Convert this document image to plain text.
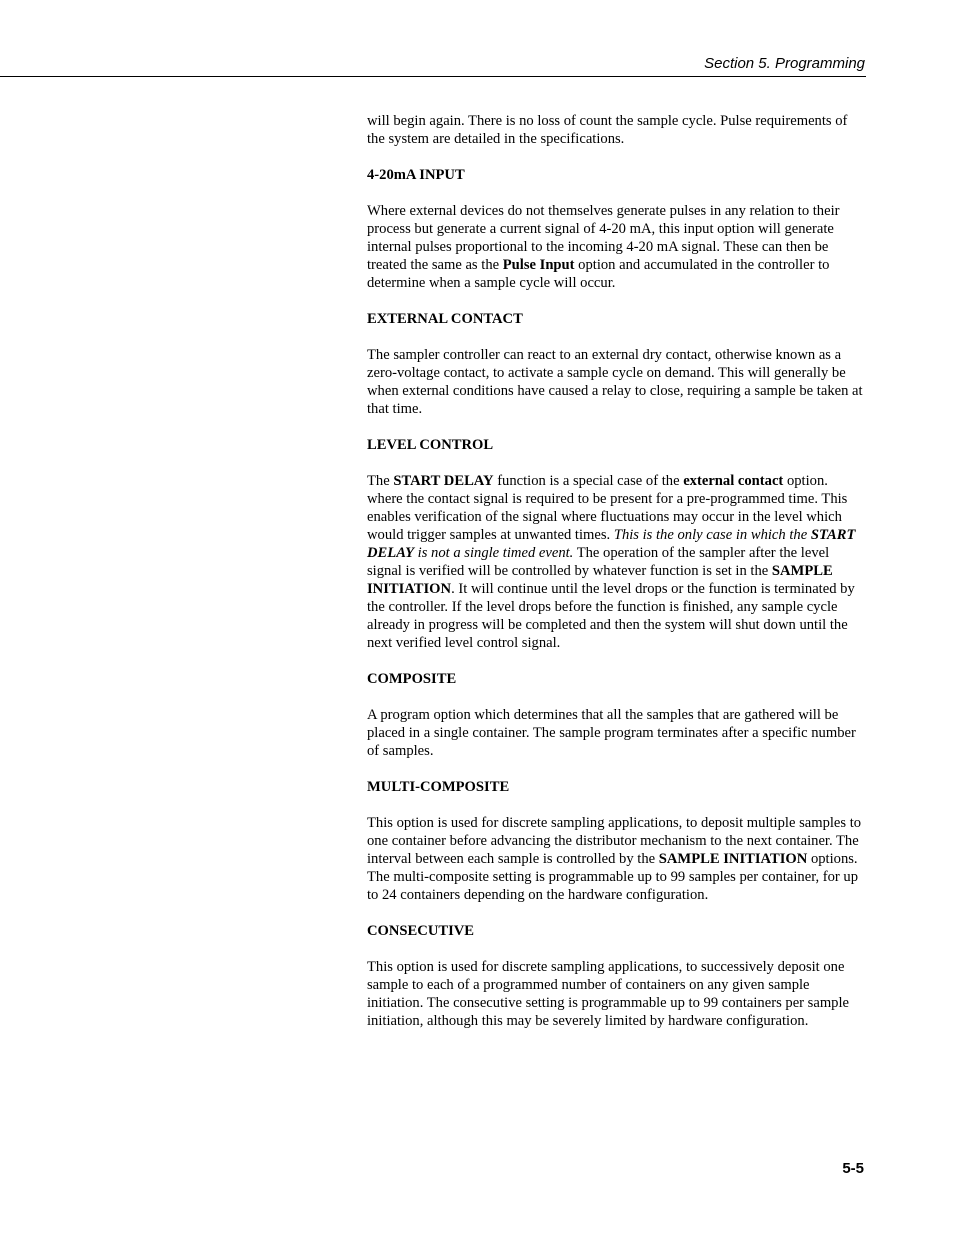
Section 5. Programming

will begin again. There is no loss of count the sample cycle. Pulse requirements of the system are detailed in the specifications.

4-20mA INPUT

Where external devices do not themselves generate pulses in any relation to their process but generate a current signal of 4-20 mA, this input option will generate internal pulses proportional to the incoming 4-20 mA signal. These can then be treated the same as the Pulse Input option and accumulated in the controller to determine when a sample cycle will occur.

EXTERNAL CONTACT

The sampler controller can react to an external dry contact, otherwise known as a zero-voltage contact, to activate a sample cycle on demand. This will generally be when external conditions have caused a relay to close, requiring a sample be taken at that time.

LEVEL CONTROL

The START DELAY function is a special case of the external contact option. where the contact signal is required to be present for a pre-programmed time. This enables verification of the signal where fluctuations may occur in the level which would trigger samples at unwanted times. This is the only case in which the START DELAY is not a single timed event. The operation of the sampler after the level signal is verified will be controlled by whatever function is set in the SAMPLE INITIATION. It will continue until the level drops or the function is terminated by the controller. If the level drops before the function is finished, any sample cycle already in progress will be completed and then the system will shut down until the next verified level control signal.

COMPOSITE

A program option which determines that all the samples that are gathered will be placed in a single container. The sample program terminates after a specific number of samples.

MULTI-COMPOSITE

This option is used for discrete sampling applications, to deposit multiple samples to one container before advancing the distributor mechanism to the next container. The interval between each sample is controlled by the SAMPLE INITIATION options. The multi-composite setting is programmable up to 99 samples per container, for up to 24 containers depending on the hardware configuration.

CONSECUTIVE

This option is used for discrete sampling applications, to successively deposit one sample to each of a programmed number of containers on any given sample initiation. The consecutive setting is programmable up to 99 containers per sample initiation, although this may be severely limited by hardware configuration.

5-5
